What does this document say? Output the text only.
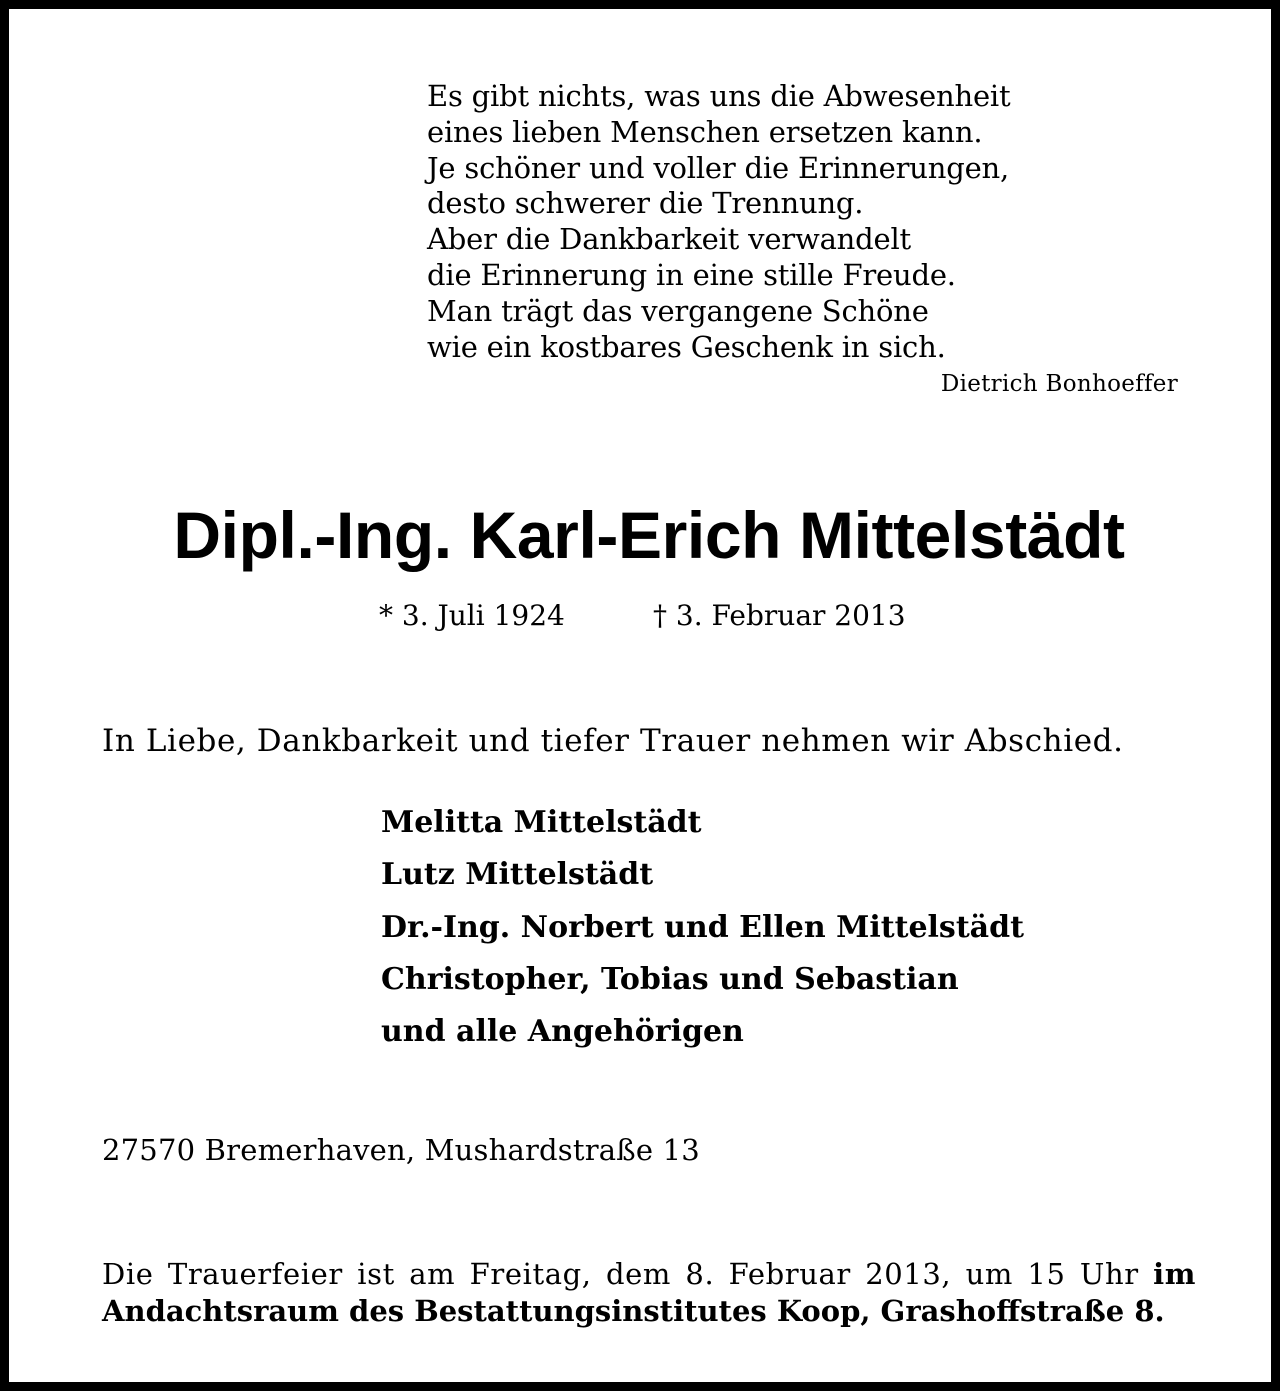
Es gibt nichts, was uns die Abwesenheit
eines lieben Menschen ersetzen kann.
Je schöner und voller die Erinnerungen,
desto schwerer die Trennung.
Aber die Dankbarkeit verwandelt
die Erinnerung in eine stille Freude.
Man trägt das vergangene Schöne
wie ein kostbares Geschenk in sich.
Dietrich Bonhoeffer
Dipl.-Ing. Karl-Erich Mittelstädt
* 3. Juli 1924	† 3. Februar 2013
In Liebe, Dankbarkeit und tiefer Trauer nehmen wir Abschied.
Melitta Mittelstädt
Lutz Mittelstädt
Dr.-Ing. Norbert und Ellen Mittelstädt
Christopher, Tobias und Sebastian
und alle Angehörigen
27570 Bremerhaven, Mushardstraße 13
Die Trauerfeier ist am Freitag, dem 8. Februar 2013, um 15 Uhr im
Andachtsraum des Bestattungsinstitutes Koop, Grashoffstraße 8.
